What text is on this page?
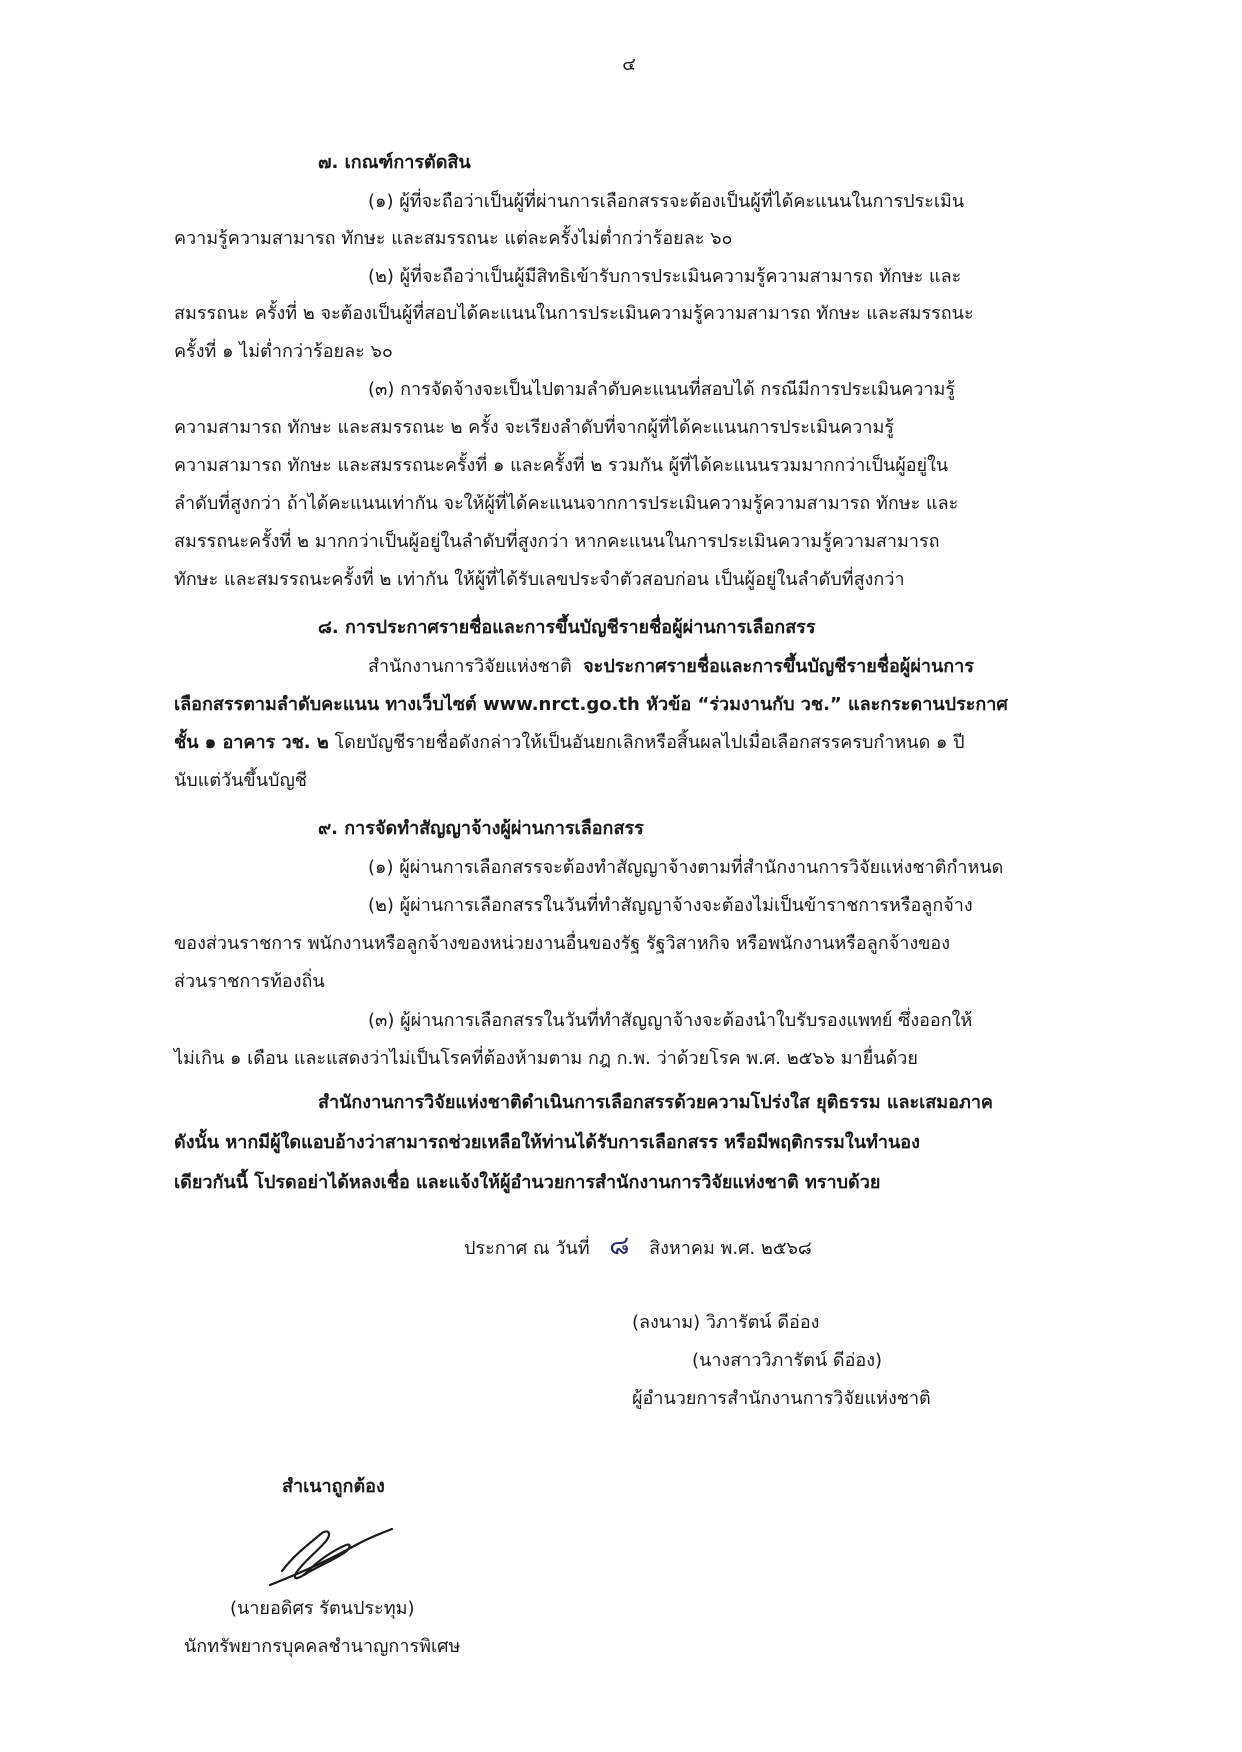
๔

๗. เกณฑ์การตัดสิน

(๑) ผู้ที่จะถือว่าเป็นผู้ที่ผ่านการเลือกสรรจะต้องเป็นผู้ที่ได้คะแนนในการประเมิน

ความรู้ความสามารถ ทักษะ และสมรรถนะ แต่ละครั้งไม่ต่ำกว่าร้อยละ ๖๐

(๒) ผู้ที่จะถือว่าเป็นผู้มีสิทธิเข้ารับการประเมินความรู้ความสามารถ ทักษะ และ

สมรรถนะ ครั้งที่ ๒ จะต้องเป็นผู้ที่สอบได้คะแนนในการประเมินความรู้ความสามารถ ทักษะ และสมรรถนะ

ครั้งที่ ๑ ไม่ต่ำกว่าร้อยละ ๖๐

(๓) การจัดจ้างจะเป็นไปตามลำดับคะแนนที่สอบได้ กรณีมีการประเมินความรู้

ความสามารถ ทักษะ และสมรรถนะ ๒ ครั้ง จะเรียงลำดับที่จากผู้ที่ได้คะแนนการประเมินความรู้

ความสามารถ ทักษะ และสมรรถนะครั้งที่ ๑ และครั้งที่ ๒ รวมกัน ผู้ที่ได้คะแนนรวมมากกว่าเป็นผู้อยู่ใน

ลำดับที่สูงกว่า ถ้าได้คะแนนเท่ากัน จะให้ผู้ที่ได้คะแนนจากการประเมินความรู้ความสามารถ ทักษะ และ

สมรรถนะครั้งที่ ๒ มากกว่าเป็นผู้อยู่ในลำดับที่สูงกว่า หากคะแนนในการประเมินความรู้ความสามารถ

ทักษะ และสมรรถนะครั้งที่ ๒ เท่ากัน ให้ผู้ที่ได้รับเลขประจำตัวสอบก่อน เป็นผู้อยู่ในลำดับที่สูงกว่า

๘. การประกาศรายชื่อและการขึ้นบัญชีรายชื่อผู้ผ่านการเลือกสรร

สำนักงานการวิจัยแห่งชาติ จะประกาศรายชื่อและการขึ้นบัญชีรายชื่อผู้ผ่านการ

เลือกสรรตามลำดับคะแนน ทางเว็บไซต์ www.nrct.go.th หัวข้อ “ร่วมงานกับ วช.” และกระดานประกาศ

ชั้น ๑ อาคาร วช. ๒ โดยบัญชีรายชื่อดังกล่าวให้เป็นอันยกเลิกหรือสิ้นผลไปเมื่อเลือกสรรครบกำหนด ๑ ปี

นับแต่วันขึ้นบัญชี

๙. การจัดทำสัญญาจ้างผู้ผ่านการเลือกสรร

(๑) ผู้ผ่านการเลือกสรรจะต้องทำสัญญาจ้างตามที่สำนักงานการวิจัยแห่งชาติกำหนด

(๒) ผู้ผ่านการเลือกสรรในวันที่ทำสัญญาจ้างจะต้องไม่เป็นข้าราชการหรือลูกจ้าง

ของส่วนราชการ พนักงานหรือลูกจ้างของหน่วยงานอื่นของรัฐ รัฐวิสาหกิจ หรือพนักงานหรือลูกจ้างของ

ส่วนราชการท้องถิ่น

(๓) ผู้ผ่านการเลือกสรรในวันที่ทำสัญญาจ้างจะต้องนำใบรับรองแพทย์ ซึ่งออกให้

ไม่เกิน ๑ เดือน และแสดงว่าไม่เป็นโรคที่ต้องห้ามตาม กฎ ก.พ. ว่าด้วยโรค พ.ศ. ๒๕๖๖ มายื่นด้วย

สำนักงานการวิจัยแห่งชาติดำเนินการเลือกสรรด้วยความโปร่งใส ยุติธรรม และเสมอภาค

ดังนั้น หากมีผู้ใดแอบอ้างว่าสามารถช่วยเหลือให้ท่านได้รับการเลือกสรร หรือมีพฤติกรรมในทำนอง

เดียวกันนี้ โปรดอย่าได้หลงเชื่อ และแจ้งให้ผู้อำนวยการสำนักงานการวิจัยแห่งชาติ ทราบด้วย

ประกาศ ณ วันที่ ๘ สิงหาคม พ.ศ. ๒๕๖๘

(ลงนาม) วิภารัตน์ ดีอ่อง

(นางสาววิภารัตน์ ดีอ่อง)

ผู้อำนวยการสำนักงานการวิจัยแห่งชาติ

สำเนาถูกต้อง

(นายอดิศร รัตนประทุม)

นักทรัพยากรบุคคลชำนาญการพิเศษ
